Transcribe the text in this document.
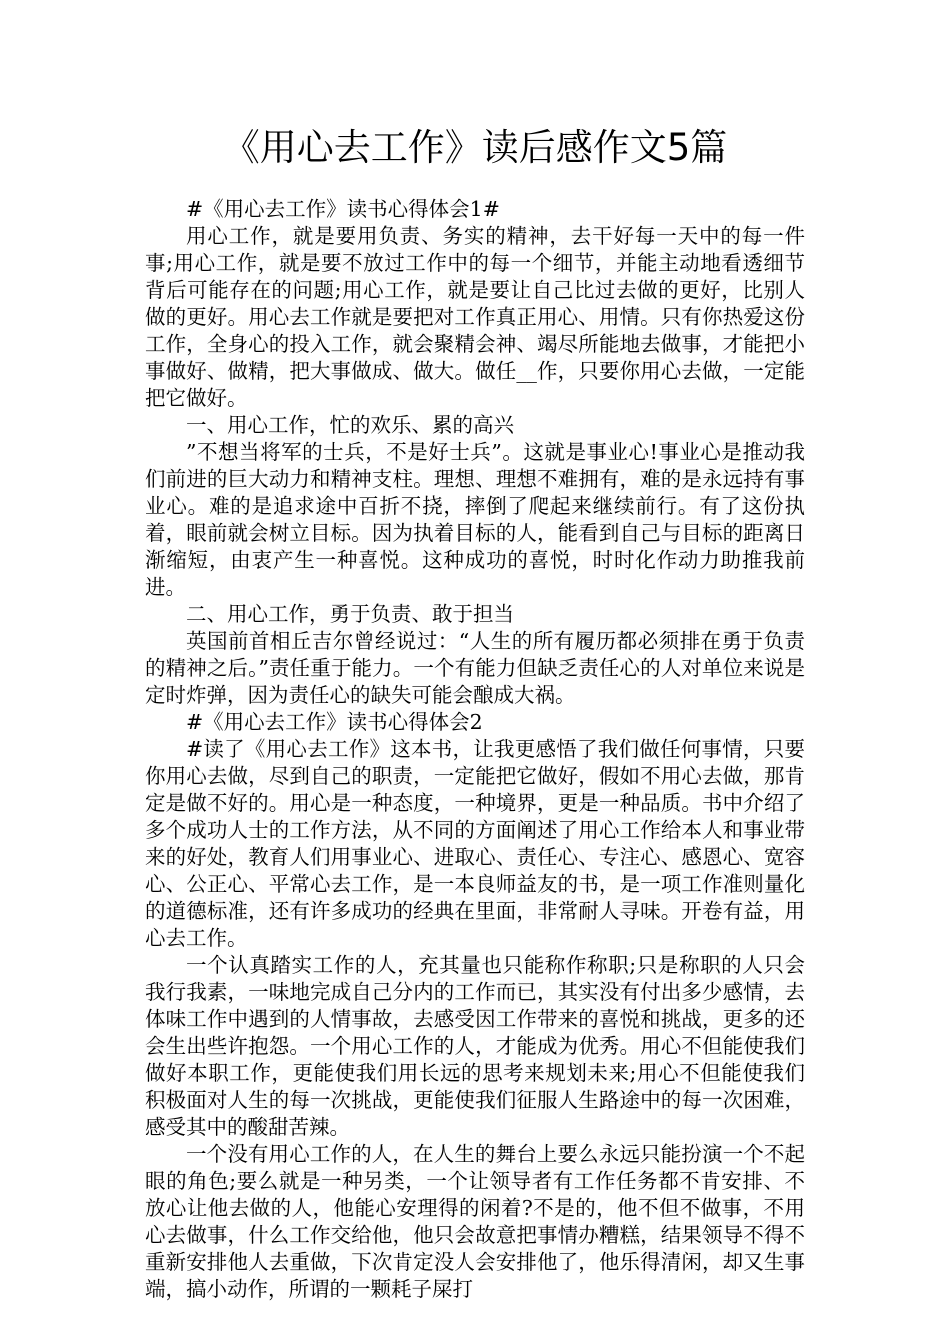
《用心去工作》读后感作文5篇

#《用心去工作》读书心得体会1#

用心工作，就是要用负责、务实的精神，去干好每一天中的每一件事;用心工作，就是要不放过工作中的每一个细节，并能主动地看透细节背后可能存在的问题;用心工作，就是要让自己比过去做的更好，比别人做的更好。用心去工作就是要把对工作真正用心、用情。只有你热爱这份工作，全身心的投入工作，就会聚精会神、竭尽所能地去做事，才能把小事做好、做精，把大事做成、做大。做任__作，只要你用心去做，一定能把它做好。

一、用心工作，忙的欢乐、累的高兴

”不想当将军的士兵，不是好士兵”。这就是事业心!事业心是推动我们前进的巨大动力和精神支柱。理想、理想不难拥有，难的是永远持有事业心。难的是追求途中百折不挠，摔倒了爬起来继续前行。有了这份执着，眼前就会树立目标。因为执着目标的人，能看到自己与目标的距离日渐缩短，由衷产生一种喜悦。这种成功的喜悦，时时化作动力助推我前进。

二、用心工作，勇于负责、敢于担当

英国前首相丘吉尔曾经说过：“人生的所有履历都必须排在勇于负责的精神之后。”责任重于能力。一个有能力但缺乏责任心的人对单位来说是定时炸弹，因为责任心的缺失可能会酿成大祸。

#《用心去工作》读书心得体会2

#读了《用心去工作》这本书，让我更感悟了我们做任何事情，只要你用心去做，尽到自己的职责，一定能把它做好，假如不用心去做，那肯定是做不好的。用心是一种态度，一种境界，更是一种品质。书中介绍了多个成功人士的工作方法，从不同的方面阐述了用心工作给本人和事业带来的好处，教育人们用事业心、进取心、责任心、专注心、感恩心、宽容心、公正心、平常心去工作，是一本良师益友的书，是一项工作准则量化的道德标准，还有许多成功的经典在里面，非常耐人寻味。开卷有益，用心去工作。

一个认真踏实工作的人，充其量也只能称作称职;只是称职的人只会我行我素，一味地完成自己分内的工作而已，其实没有付出多少感情，去体味工作中遇到的人情事故，去感受因工作带来的喜悦和挑战，更多的还会生出些许抱怨。一个用心工作的人，才能成为优秀。用心不但能使我们做好本职工作，更能使我们用长远的思考来规划未来;用心不但能使我们积极面对人生的每一次挑战，更能使我们征服人生路途中的每一次困难，感受其中的酸甜苦辣。

一个没有用心工作的人，在人生的舞台上要么永远只能扮演一个不起眼的角色;要么就是一种另类，一个让领导者有工作任务都不肯安排、不放心让他去做的人，他能心安理得的闲着?不是的，他不但不做事，不用心去做事，什么工作交给他，他只会故意把事情办糟糕，结果领导不得不重新安排他人去重做，下次肯定没人会安排他了，他乐得清闲，却又生事端，搞小动作，所谓的一颗耗子屎打
